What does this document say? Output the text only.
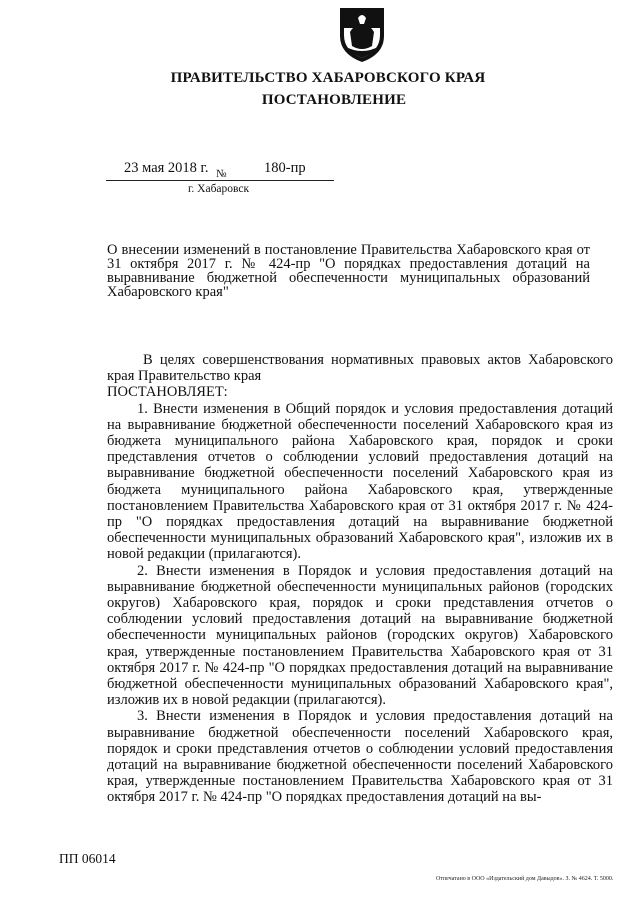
ПРАВИТЕЛЬСТВО ХАБАРОВСКОГО КРАЯ
ПОСТАНОВЛЕНИЕ
23 мая 2018 г. №	180-пр
г. Хабаровск
О внесении изменений в постановление Правительства Хабаровского края от 31 октября 2017 г. № 424-пр "О порядках предоставления дотаций на выравнивание бюджетной обеспеченности муниципальных образований Хабаровского края"

В целях совершенствования нормативных правовых актов Хабаровского края Правительство края

ПОСТАНОВЛЯЕТ:

1. Внести изменения в Общий порядок и условия предоставления дотаций на выравнивание бюджетной обеспеченности поселений Хабаровского края из бюджета муниципального района Хабаровского края, порядок и сроки представления отчетов о соблюдении условий предоставления дотаций на выравнивание бюджетной обеспеченности поселений Хабаровского края из бюджета муниципального района Хабаровского края, утвержденные постановлением Правительства Хабаровского края от 31 октября 2017 г. № 424-пр "О порядках предоставления дотаций на выравнивание бюджетной обеспеченности муниципальных образований Хабаровского края", изложив их в новой редакции (прилагаются).

2. Внести изменения в Порядок и условия предоставления дотаций на выравнивание бюджетной обеспеченности муниципальных районов (городских округов) Хабаровского края, порядок и сроки представления отчетов о соблюдении условий предоставления дотаций на выравнивание бюджетной обеспеченности муниципальных районов (городских округов) Хабаровского края, утвержденные постановлением Правительства Хабаровского края от 31 октября 2017 г. № 424-пр "О порядках предоставления дотаций на выравнивание бюджетной обеспеченности муниципальных образований Хабаровского края", изложив их в новой редакции (прилагаются).

3. Внести изменения в Порядок и условия предоставления дотаций на выравнивание бюджетной обеспеченности поселений Хабаровского края, порядок и сроки представления отчетов о соблюдении условий предоставления дотаций на выравнивание бюджетной обеспеченности поселений Хабаровского края, утвержденные постановлением Правительства Хабаровского края от 31 октября 2017 г. № 424-пр "О порядках предоставления дотаций на вы-

ПП 06014
Отпечатано в ООО «Издательский дом Давыдов». З. № 4624. Т. 5000.
